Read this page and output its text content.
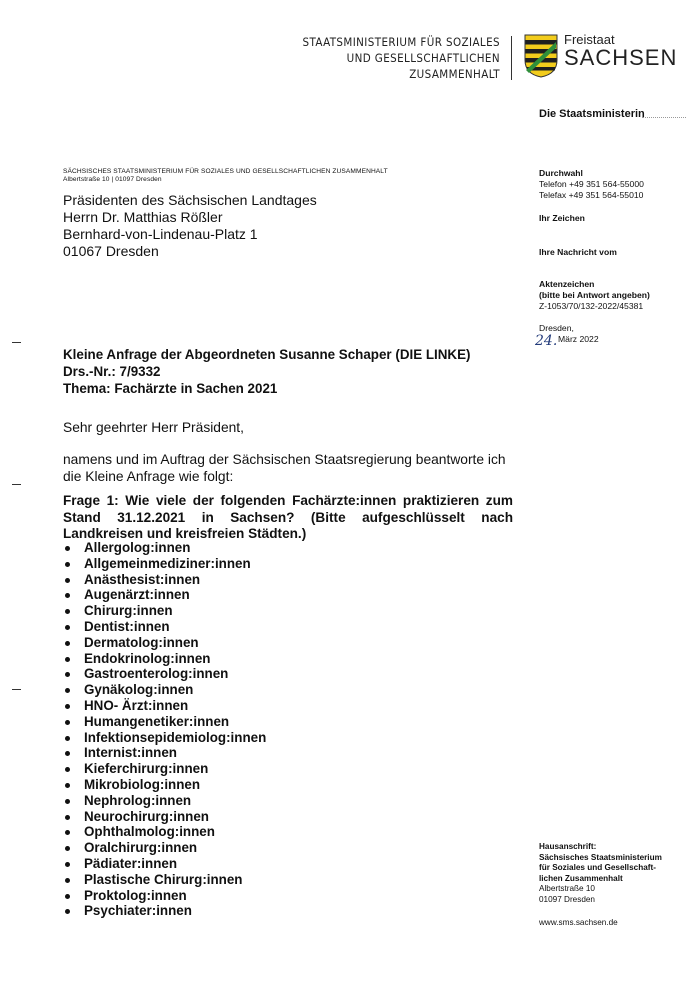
STAATSMINISTERIUM FÜR SOZIALES
UND GESELLSCHAFTLICHEN
ZUSAMMENHALT
Freistaat
SACHSEN
Die Staatsministerin
SÄCHSISCHES STAATSMINISTERIUM FÜR SOZIALES UND GESELLSCHAFTLICHEN ZUSAMMENHALT
Albertstraße 10 | 01097 Dresden
Präsidenten des Sächsischen Landtages
Herrn Dr. Matthias Rößler
Bernhard-von-Lindenau-Platz 1
01067 Dresden
Durchwahl
Telefon +49 351 564-55000
Telefax +49 351 564-55010
Ihr Zeichen
Ihre Nachricht vom
Aktenzeichen
(bitte bei Antwort angeben)
Z-1053/70/132-2022/45381
Dresden,
24. März 2022
Kleine Anfrage der Abgeordneten Susanne Schaper (DIE LINKE)
Drs.-Nr.: 7/9332
Thema: Fachärzte in Sachen 2021
Sehr geehrter Herr Präsident,
namens und im Auftrag der Sächsischen Staatsregierung beantworte ich die Kleine Anfrage wie folgt:
Frage 1: Wie viele der folgenden Fachärzte:innen praktizieren zum Stand 31.12.2021 in Sachsen? (Bitte aufgeschlüsselt nach Landkreisen und kreisfreien Städten.)
Allergolog:innen
Allgemeinmediziner:innen
Anästhesist:innen
Augenärzt:innen
Chirurg:innen
Dentist:innen
Dermatolog:innen
Endokrinolog:innen
Gastroenterolog:innen
Gynäkolog:innen
HNO- Ärzt:innen
Humangenetiker:innen
Infektionsepidemiolog:innen
Internist:innen
Kieferchirurg:innen
Mikrobiolog:innen
Nephrolog:innen
Neurochirurg:innen
Ophthalmolog:innen
Oralchirurg:innen
Pädiater:innen
Plastische Chirurg:innen
Proktolog:innen
Psychiater:innen
Hausanschrift:
Sächsisches Staatsministerium
für Soziales und Gesellschaft-
lichen Zusammenhalt
Albertstraße 10
01097 Dresden
www.sms.sachsen.de
